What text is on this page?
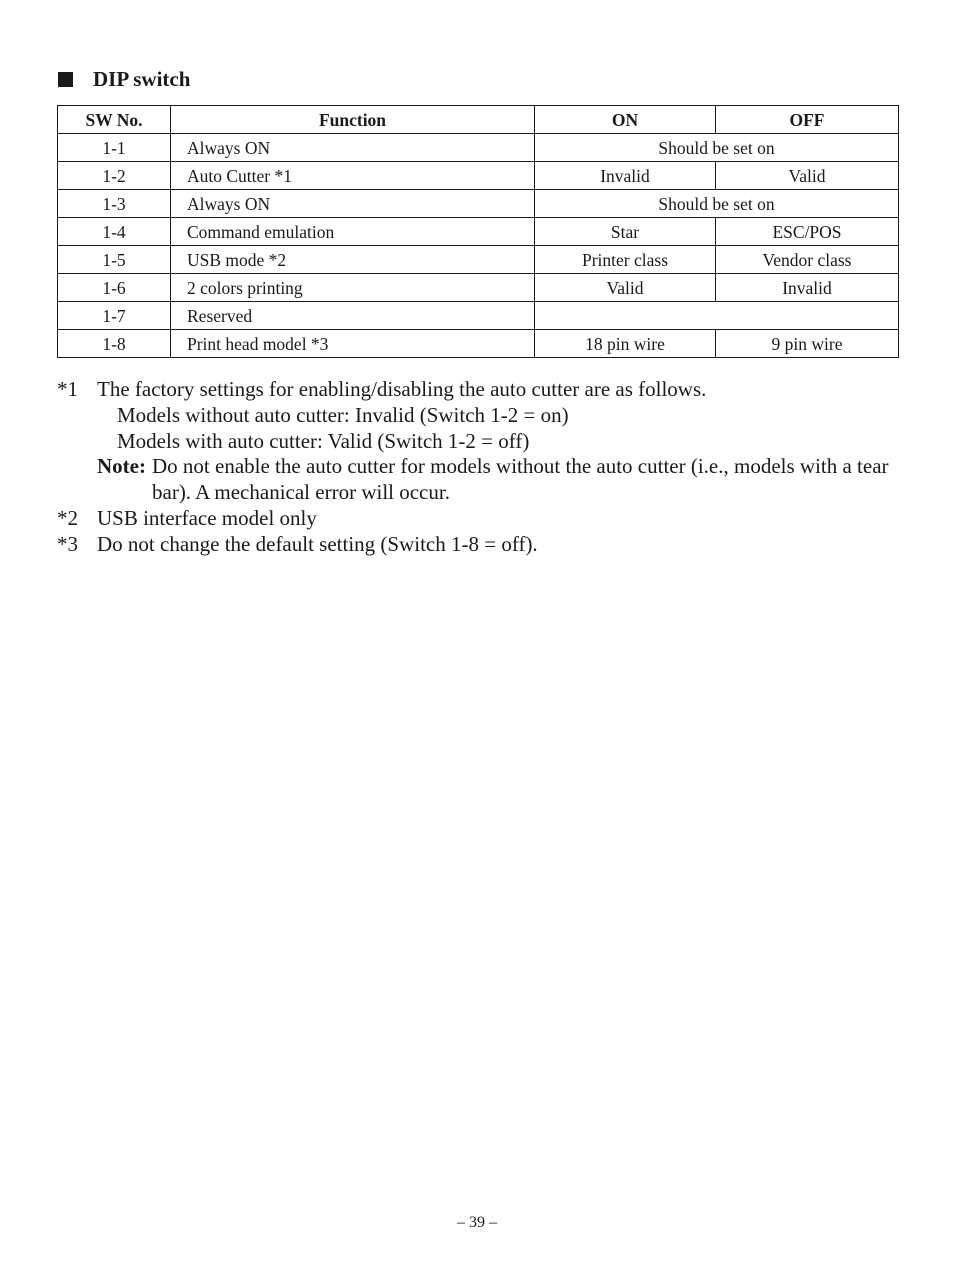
DIP switch
SW No.	Function	ON	OFF
1-1	Always ON	Should be set on	
1-2	Auto Cutter *1	Invalid	Valid
1-3	Always ON	Should be set on	
1-4	Command emulation	Star	ESC/POS
1-5	USB mode *2	Printer class	Vendor class
1-6	2 colors printing	Valid	Invalid
1-7	Reserved		
1-8	Print head model *3	18 pin wire	9 pin wire
*1 The factory settings for enabling/disabling the auto cutter are as follows.
Models without auto cutter: Invalid (Switch 1-2 = on)
Models with auto cutter: Valid (Switch 1-2 = off)
Note: Do not enable the auto cutter for models without the auto cutter (i.e., models with a tear bar). A mechanical error will occur.
*2 USB interface model only
*3 Do not change the default setting (Switch 1-8 = off).
– 39 –
